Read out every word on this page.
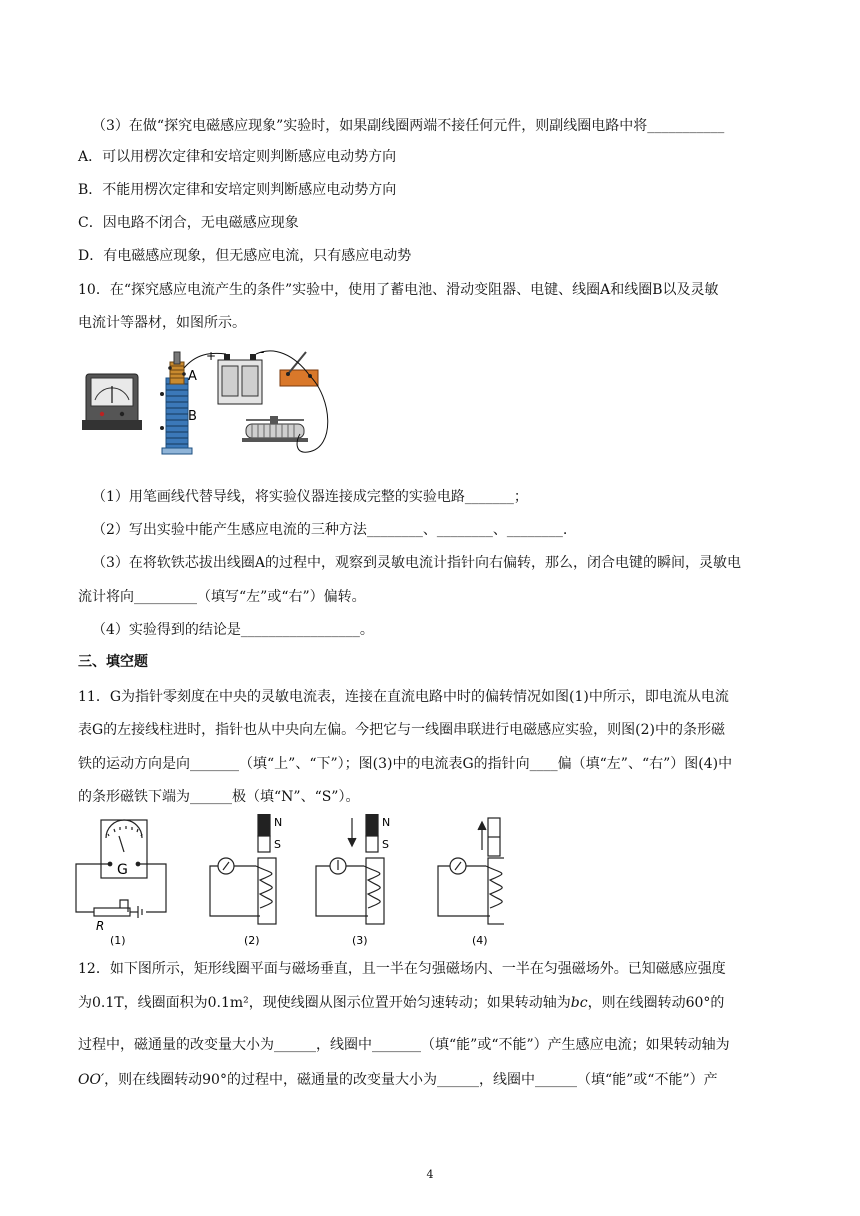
（3）在做“探究电磁感应现象”实验时，如果副线圈两端不接任何元件，则副线圈电路中将___________
A．可以用楞次定律和安培定则判断感应电动势方向
B．不能用楞次定律和安培定则判断感应电动势方向
C．因电路不闭合，无电磁感应现象
D．有电磁感应现象，但无感应电流，只有感应电动势
10．在“探究感应电流产生的条件”实验中，使用了蓄电池、滑动变阻器、电键、线圈A和线圈B以及灵敏
电流计等器材，如图所示。
A
B
+	-
（1）用笔画线代替导线，将实验仪器连接成完整的实验电路_______；
（2）写出实验中能产生感应电流的三种方法________、________、________.
（3）在将软铁芯拔出线圈A的过程中，观察到灵敏电流计指针向右偏转，那么，闭合电键的瞬间，灵敏电
流计将向_________（填写“左”或“右”）偏转。
（4）实验得到的结论是_________________。
三、填空题
11．G为指针零刻度在中央的灵敏电流表，连接在直流电路中时的偏转情况如图(1)中所示，即电流从电流
表G的左接线柱进时，指针也从中央向左偏。今把它与一线圈串联进行电磁感应实验，则图(2)中的条形磁
铁的运动方向是向_______（填“上”、“下”）；图(3)中的电流表G的指针向____偏（填“左”、“右”）图(4)中
的条形磁铁下端为______极（填“N”、“S”）。
G
R
(1)
N
S
(2)
N
S
(3)	(4)
12．如下图所示，矩形线圈平面与磁场垂直，且一半在匀强磁场内、一半在匀强磁场外。已知磁感应强度
为0.1T，线圈面积为0.1m²，现使线圈从图示位置开始匀速转动；如果转动轴为bc，则在线圈转动60°的
过程中，磁通量的改变量大小为______，线圈中_______（填“能”或“不能”）产生感应电流；如果转动轴为
OO′，则在线圈转动90°的过程中，磁通量的改变量大小为______，线圈中______（填“能”或“不能”）产
4
